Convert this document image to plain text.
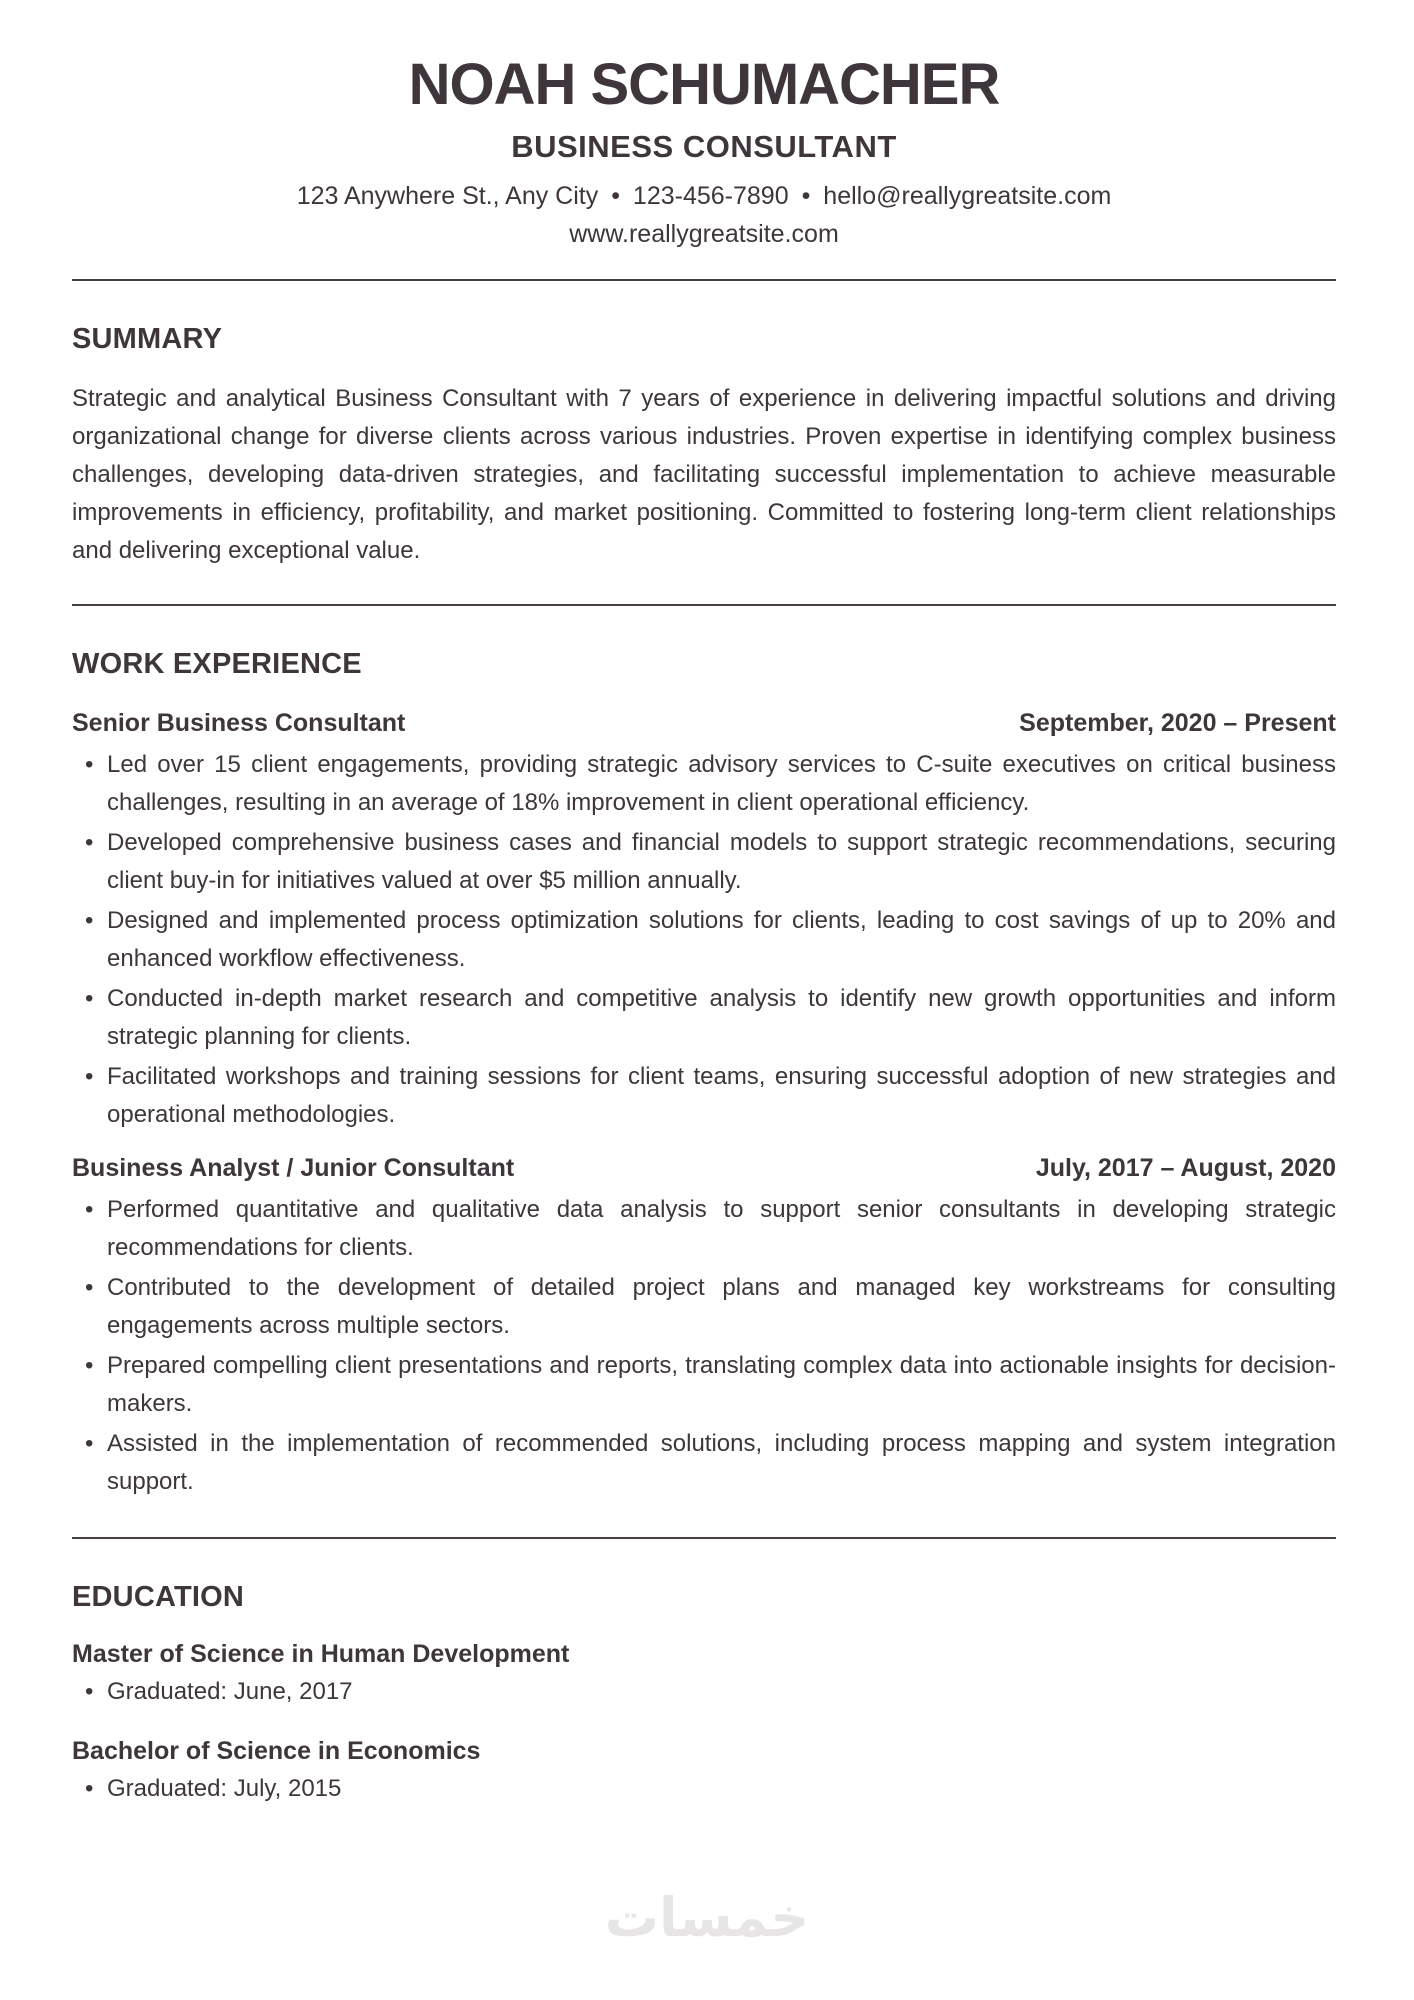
NOAH SCHUMACHER
BUSINESS CONSULTANT
123 Anywhere St., Any City • 123-456-7890 • hello@reallygreatsite.com
www.reallygreatsite.com
SUMMARY

Strategic and analytical Business Consultant with 7 years of experience in delivering impactful solutions and driving organizational change for diverse clients across various industries. Proven expertise in identifying complex business challenges, developing data-driven strategies, and facilitating successful implementation to achieve measurable improvements in efficiency, profitability, and market positioning. Committed to fostering long-term client relationships and delivering exceptional value.

WORK EXPERIENCE
Senior Business Consultant	September, 2020 – Present
• Led over 15 client engagements, providing strategic advisory services to C-suite executives on critical business challenges, resulting in an average of 18% improvement in client operational efficiency.
• Developed comprehensive business cases and financial models to support strategic recommendations, securing client buy-in for initiatives valued at over $5 million annually.
• Designed and implemented process optimization solutions for clients, leading to cost savings of up to 20% and enhanced workflow effectiveness.
• Conducted in-depth market research and competitive analysis to identify new growth opportunities and inform strategic planning for clients.
• Facilitated workshops and training sessions for client teams, ensuring successful adoption of new strategies and operational methodologies.
Business Analyst / Junior Consultant	July, 2017 – August, 2020
• Performed quantitative and qualitative data analysis to support senior consultants in developing strategic recommendations for clients.
• Contributed to the development of detailed project plans and managed key workstreams for consulting engagements across multiple sectors.
• Prepared compelling client presentations and reports, translating complex data into actionable insights for decision-makers.
• Assisted in the implementation of recommended solutions, including process mapping and system integration support.
EDUCATION
Master of Science in Human Development
• Graduated: June, 2017
Bachelor of Science in Economics
• Graduated: July, 2015
خمسات
